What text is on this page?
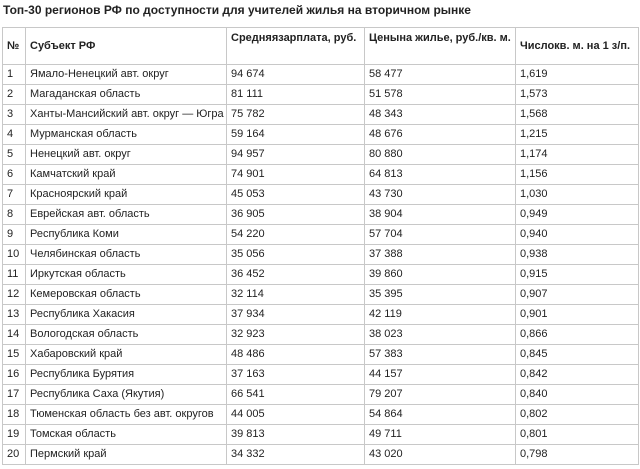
Топ-30 регионов РФ по доступности для учителей жилья на вторичном рынке
№	Субъект РФ	Средняязарплата, руб.	Ценына жилье, руб./кв. м.	Числокв. м. на 1 з/п.
1	Ямало-Ненецкий авт. округ	94 674	58 477	1,619
2	Магаданская область	81 111	51 578	1,573
3	Ханты-Мансийский авт. округ — Югра	75 782	48 343	1,568
4	Мурманская область	59 164	48 676	1,215
5	Ненецкий авт. округ	94 957	80 880	1,174
6	Камчатский край	74 901	64 813	1,156
7	Красноярский край	45 053	43 730	1,030
8	Еврейская авт. область	36 905	38 904	0,949
9	Республика Коми	54 220	57 704	0,940
10	Челябинская область	35 056	37 388	0,938
11	Иркутская область	36 452	39 860	0,915
12	Кемеровская область	32 114	35 395	0,907
13	Республика Хакасия	37 934	42 119	0,901
14	Вологодская область	32 923	38 023	0,866
15	Хабаровский край	48 486	57 383	0,845
16	Республика Бурятия	37 163	44 157	0,842
17	Республика Саха (Якутия)	66 541	79 207	0,840
18	Тюменская область без авт. округов	44 005	54 864	0,802
19	Томская область	39 813	49 711	0,801
20	Пермский край	34 332	43 020	0,798
